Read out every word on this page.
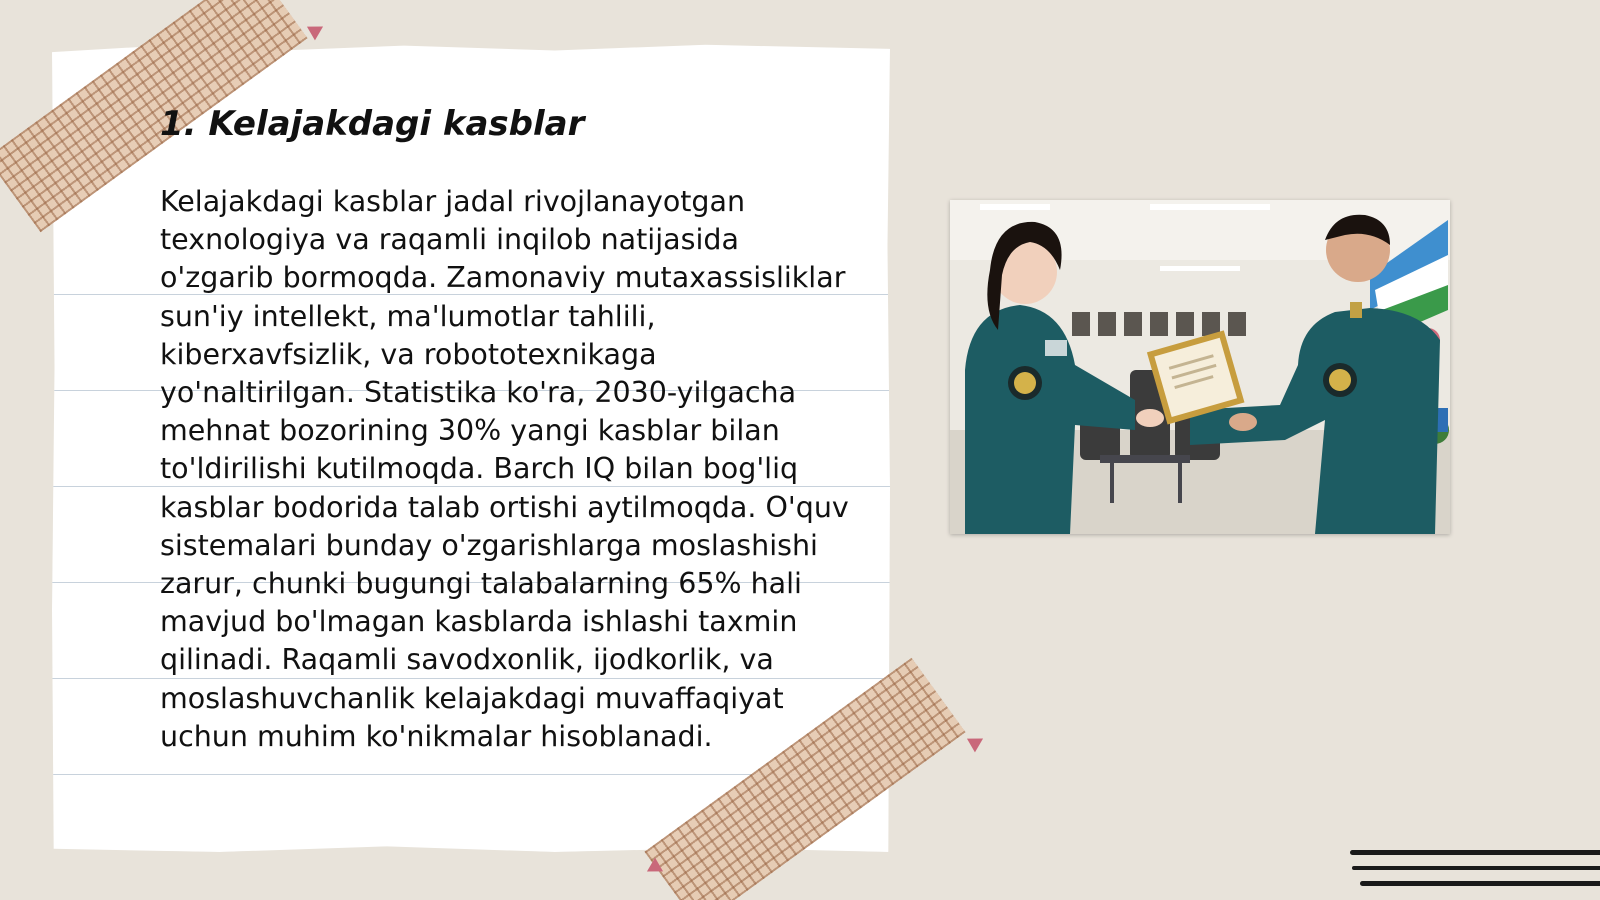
1. Kelajakdagi kasblar

Kelajakdagi kasblar jadal rivojlanayotgan texnologiya va raqamli inqilob natijasida o'zgarib bormoqda. Zamonaviy mutaxassisliklar sun'iy intellekt, ma'lumotlar tahlili, kiberxavfsizlik, va robototexnikaga yo'naltirilgan. Statistika ko'ra, 2030-yilgacha mehnat bozorining 30% yangi kasblar bilan to'ldirilishi kutilmoqda. Barch IQ bilan bog'liq kasblar bodorida talab ortishi aytilmoqda. O'quv sistemalari bunday o'zgarishlarga moslashishi zarur, chunki bugungi talabalarning 65% hali mavjud bo'lmagan kasblarda ishlashi taxmin qilinadi. Raqamli savodxonlik, ijodkorlik, va moslashuvchanlik kelajakdagi muvaffaqiyat uchun muhim ko'nikmalar hisoblanadi.
